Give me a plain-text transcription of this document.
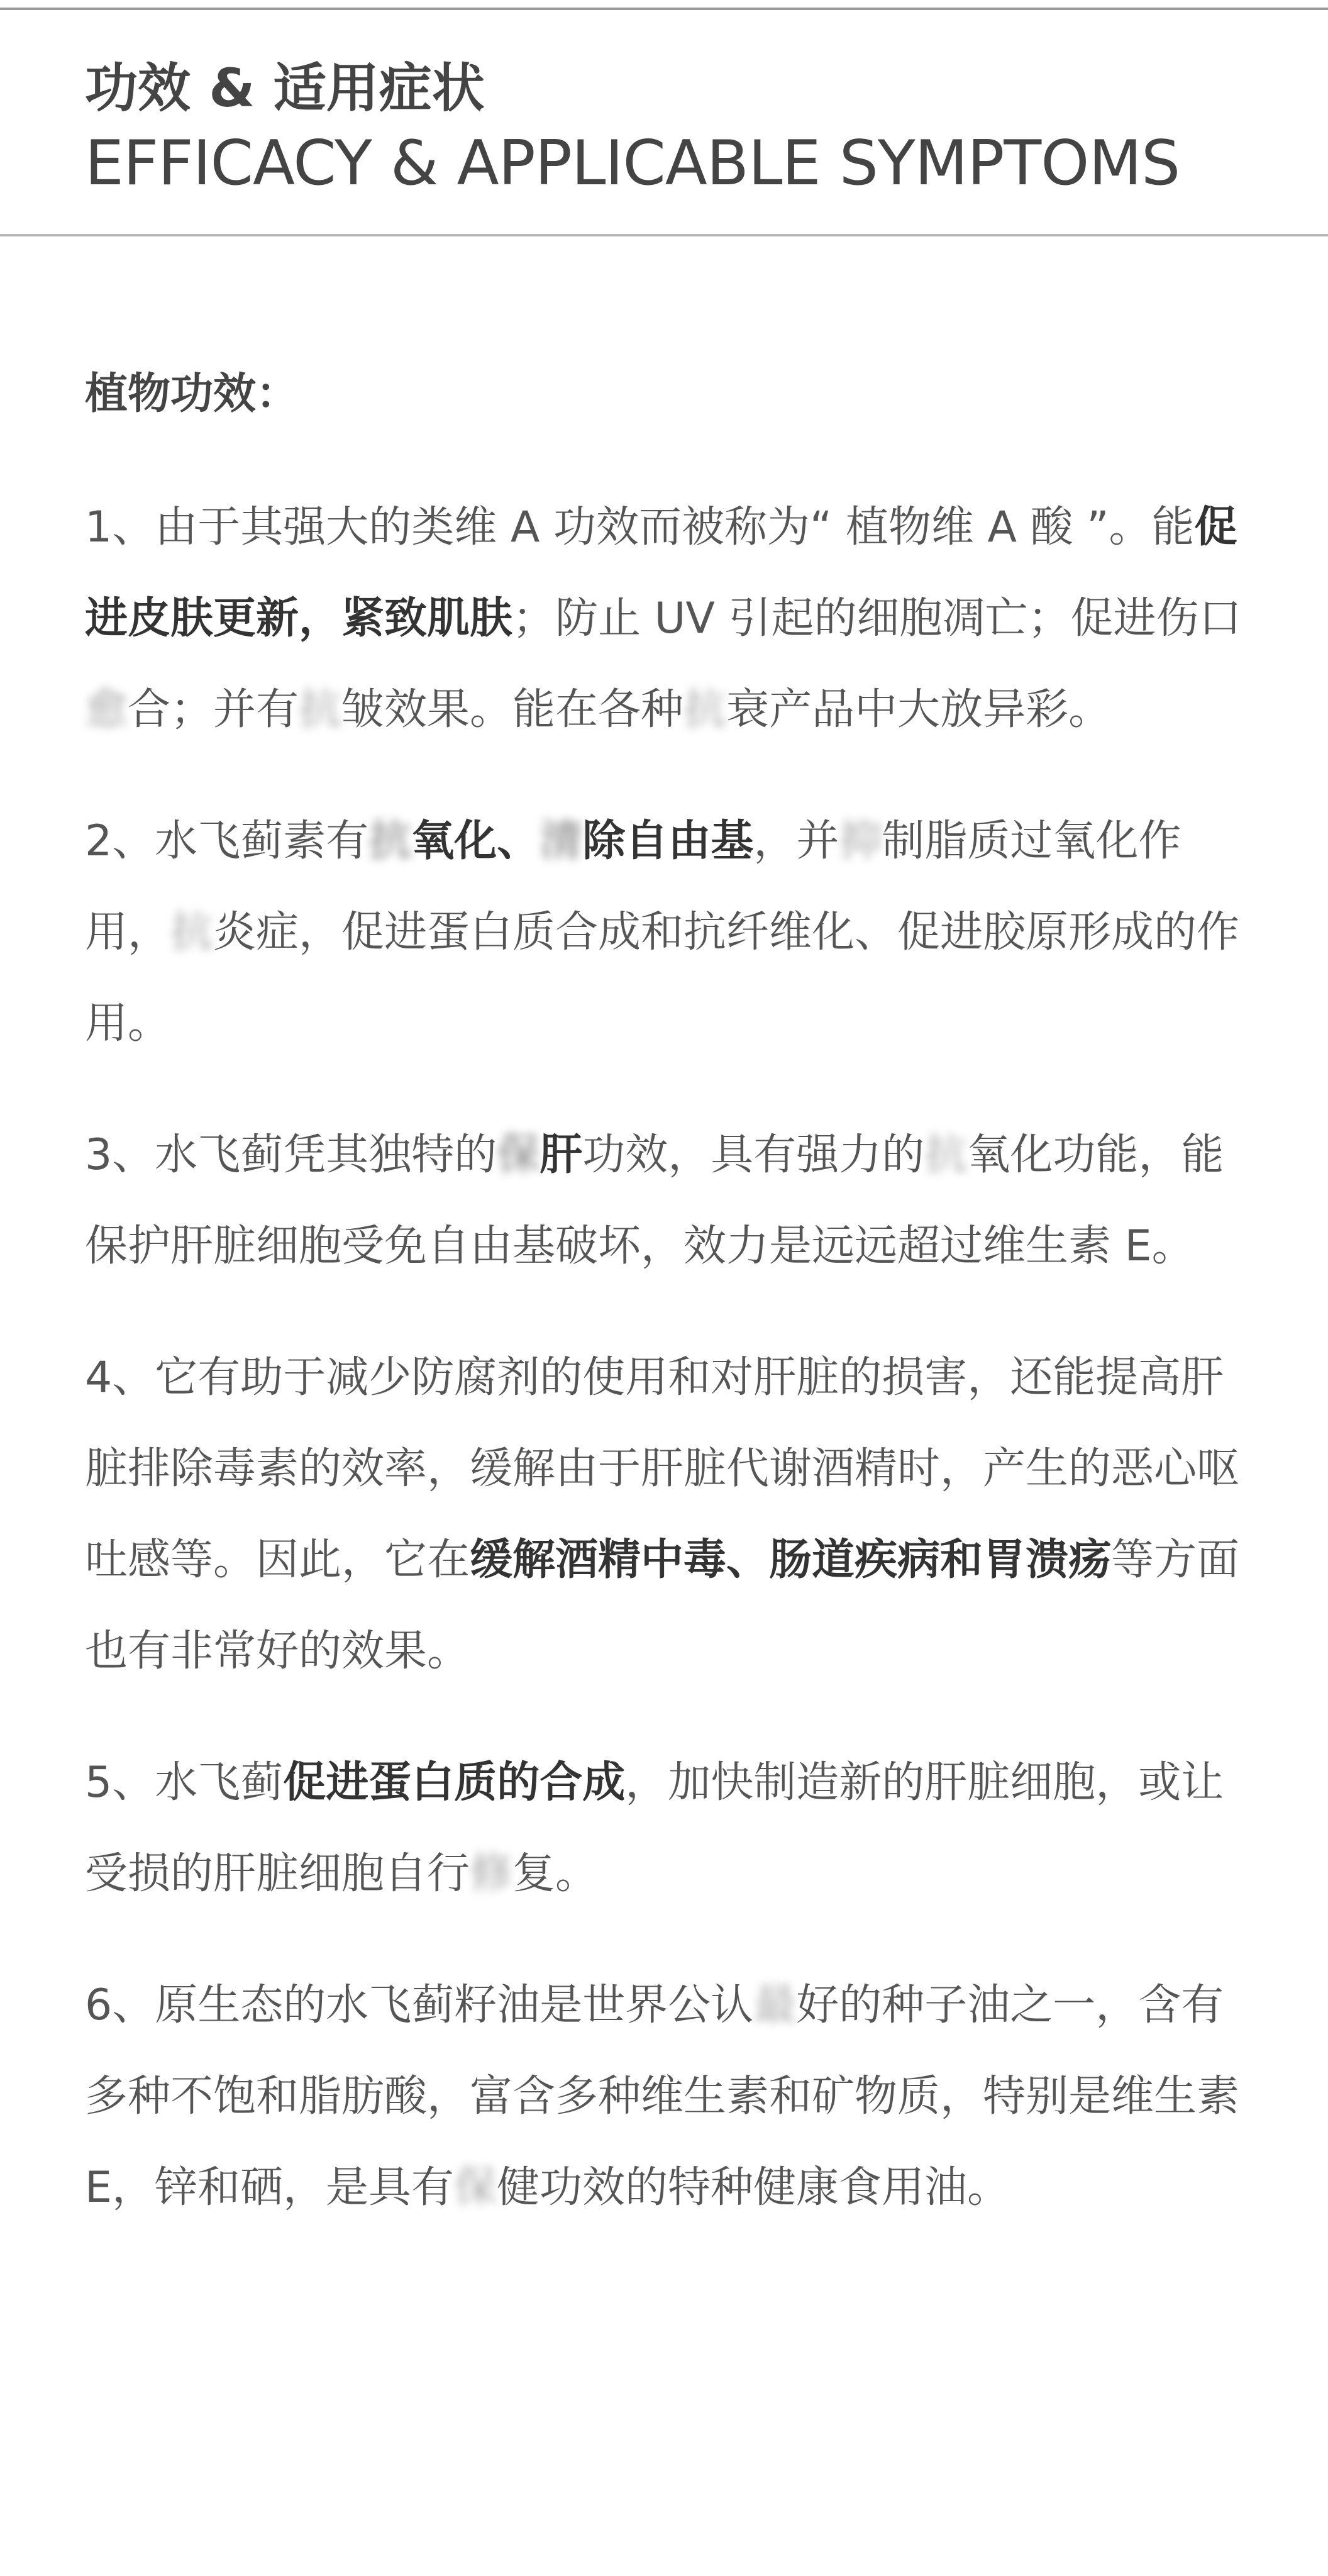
功效 & 适用症状
EFFICACY & APPLICABLE SYMPTOMS
植物功效：

1、由于其强大的类维 A 功效而被称为“ 植物维 A 酸 ”。能促进皮肤更新，紧致肌肤；防止 UV 引起的细胞凋亡；促进伤口愈合；并有抗皱效果。能在各种抗衰产品中大放异彩。

2、水飞蓟素有抗氧化、清除自由基，并抑制脂质过氧化作用，抗炎症，促进蛋白质合成和抗纤维化、促进胶原形成的作用。

3、水飞蓟凭其独特的保肝功效，具有强力的抗氧化功能，能保护肝脏细胞受免自由基破坏，效力是远远超过维生素 E。

4、它有助于减少防腐剂的使用和对肝脏的损害，还能提高肝脏排除毒素的效率，缓解由于肝脏代谢酒精时，产生的恶心呕吐感等。因此，它在缓解酒精中毒、肠道疾病和胃溃疡等方面也有非常好的效果。

5、水飞蓟促进蛋白质的合成，加快制造新的肝脏细胞，或让受损的肝脏细胞自行修复。

6、原生态的水飞蓟籽油是世界公认最好的种子油之一，含有多种不饱和脂肪酸，富含多种维生素和矿物质，特别是维生素 E，锌和硒，是具有保健功效的特种健康食用油。
